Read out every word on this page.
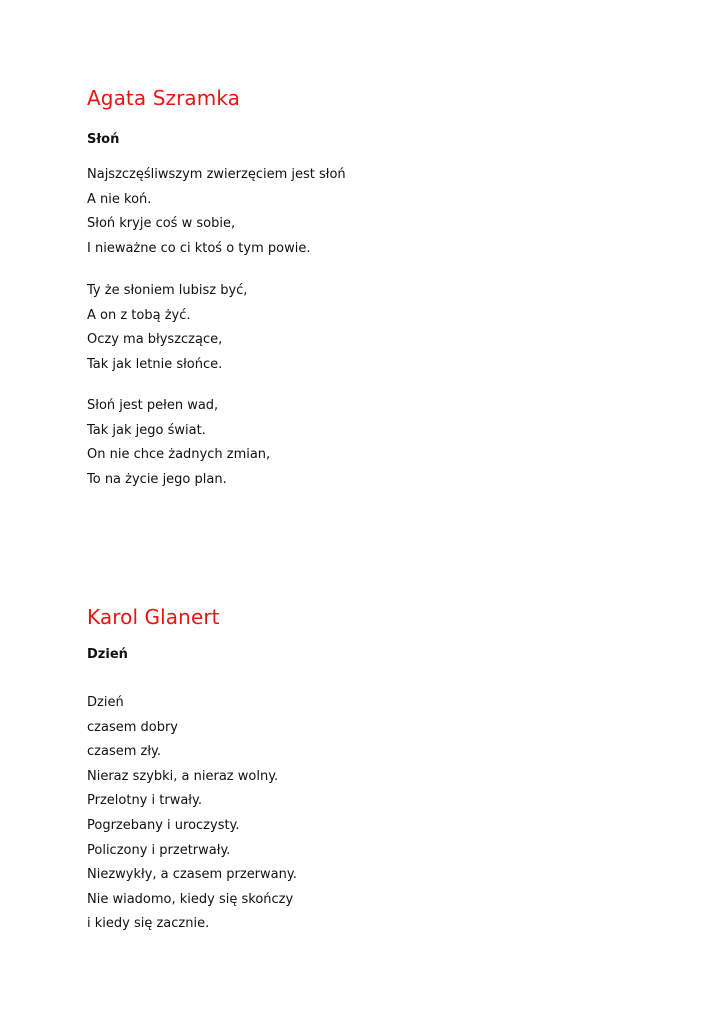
Agata Szramka
Słoń
Najszczęśliwszym zwierzęciem jest słoń
A nie koń.
Słoń kryje coś w sobie,
I nieważne co ci ktoś o tym powie.
Ty że słoniem lubisz być,
A on z tobą żyć.
Oczy ma błyszczące,
Tak jak letnie słońce.
Słoń jest pełen wad,
Tak jak jego świat.
On nie chce żadnych zmian,
To na życie jego plan.
Karol Glanert
Dzień
Dzień
czasem dobry
czasem zły.
Nieraz szybki, a nieraz wolny.
Przelotny i trwały.
Pogrzebany i uroczysty.
Policzony i przetrwały.
Niezwykły, a czasem przerwany.
Nie wiadomo, kiedy się skończy
i kiedy się zacznie.
